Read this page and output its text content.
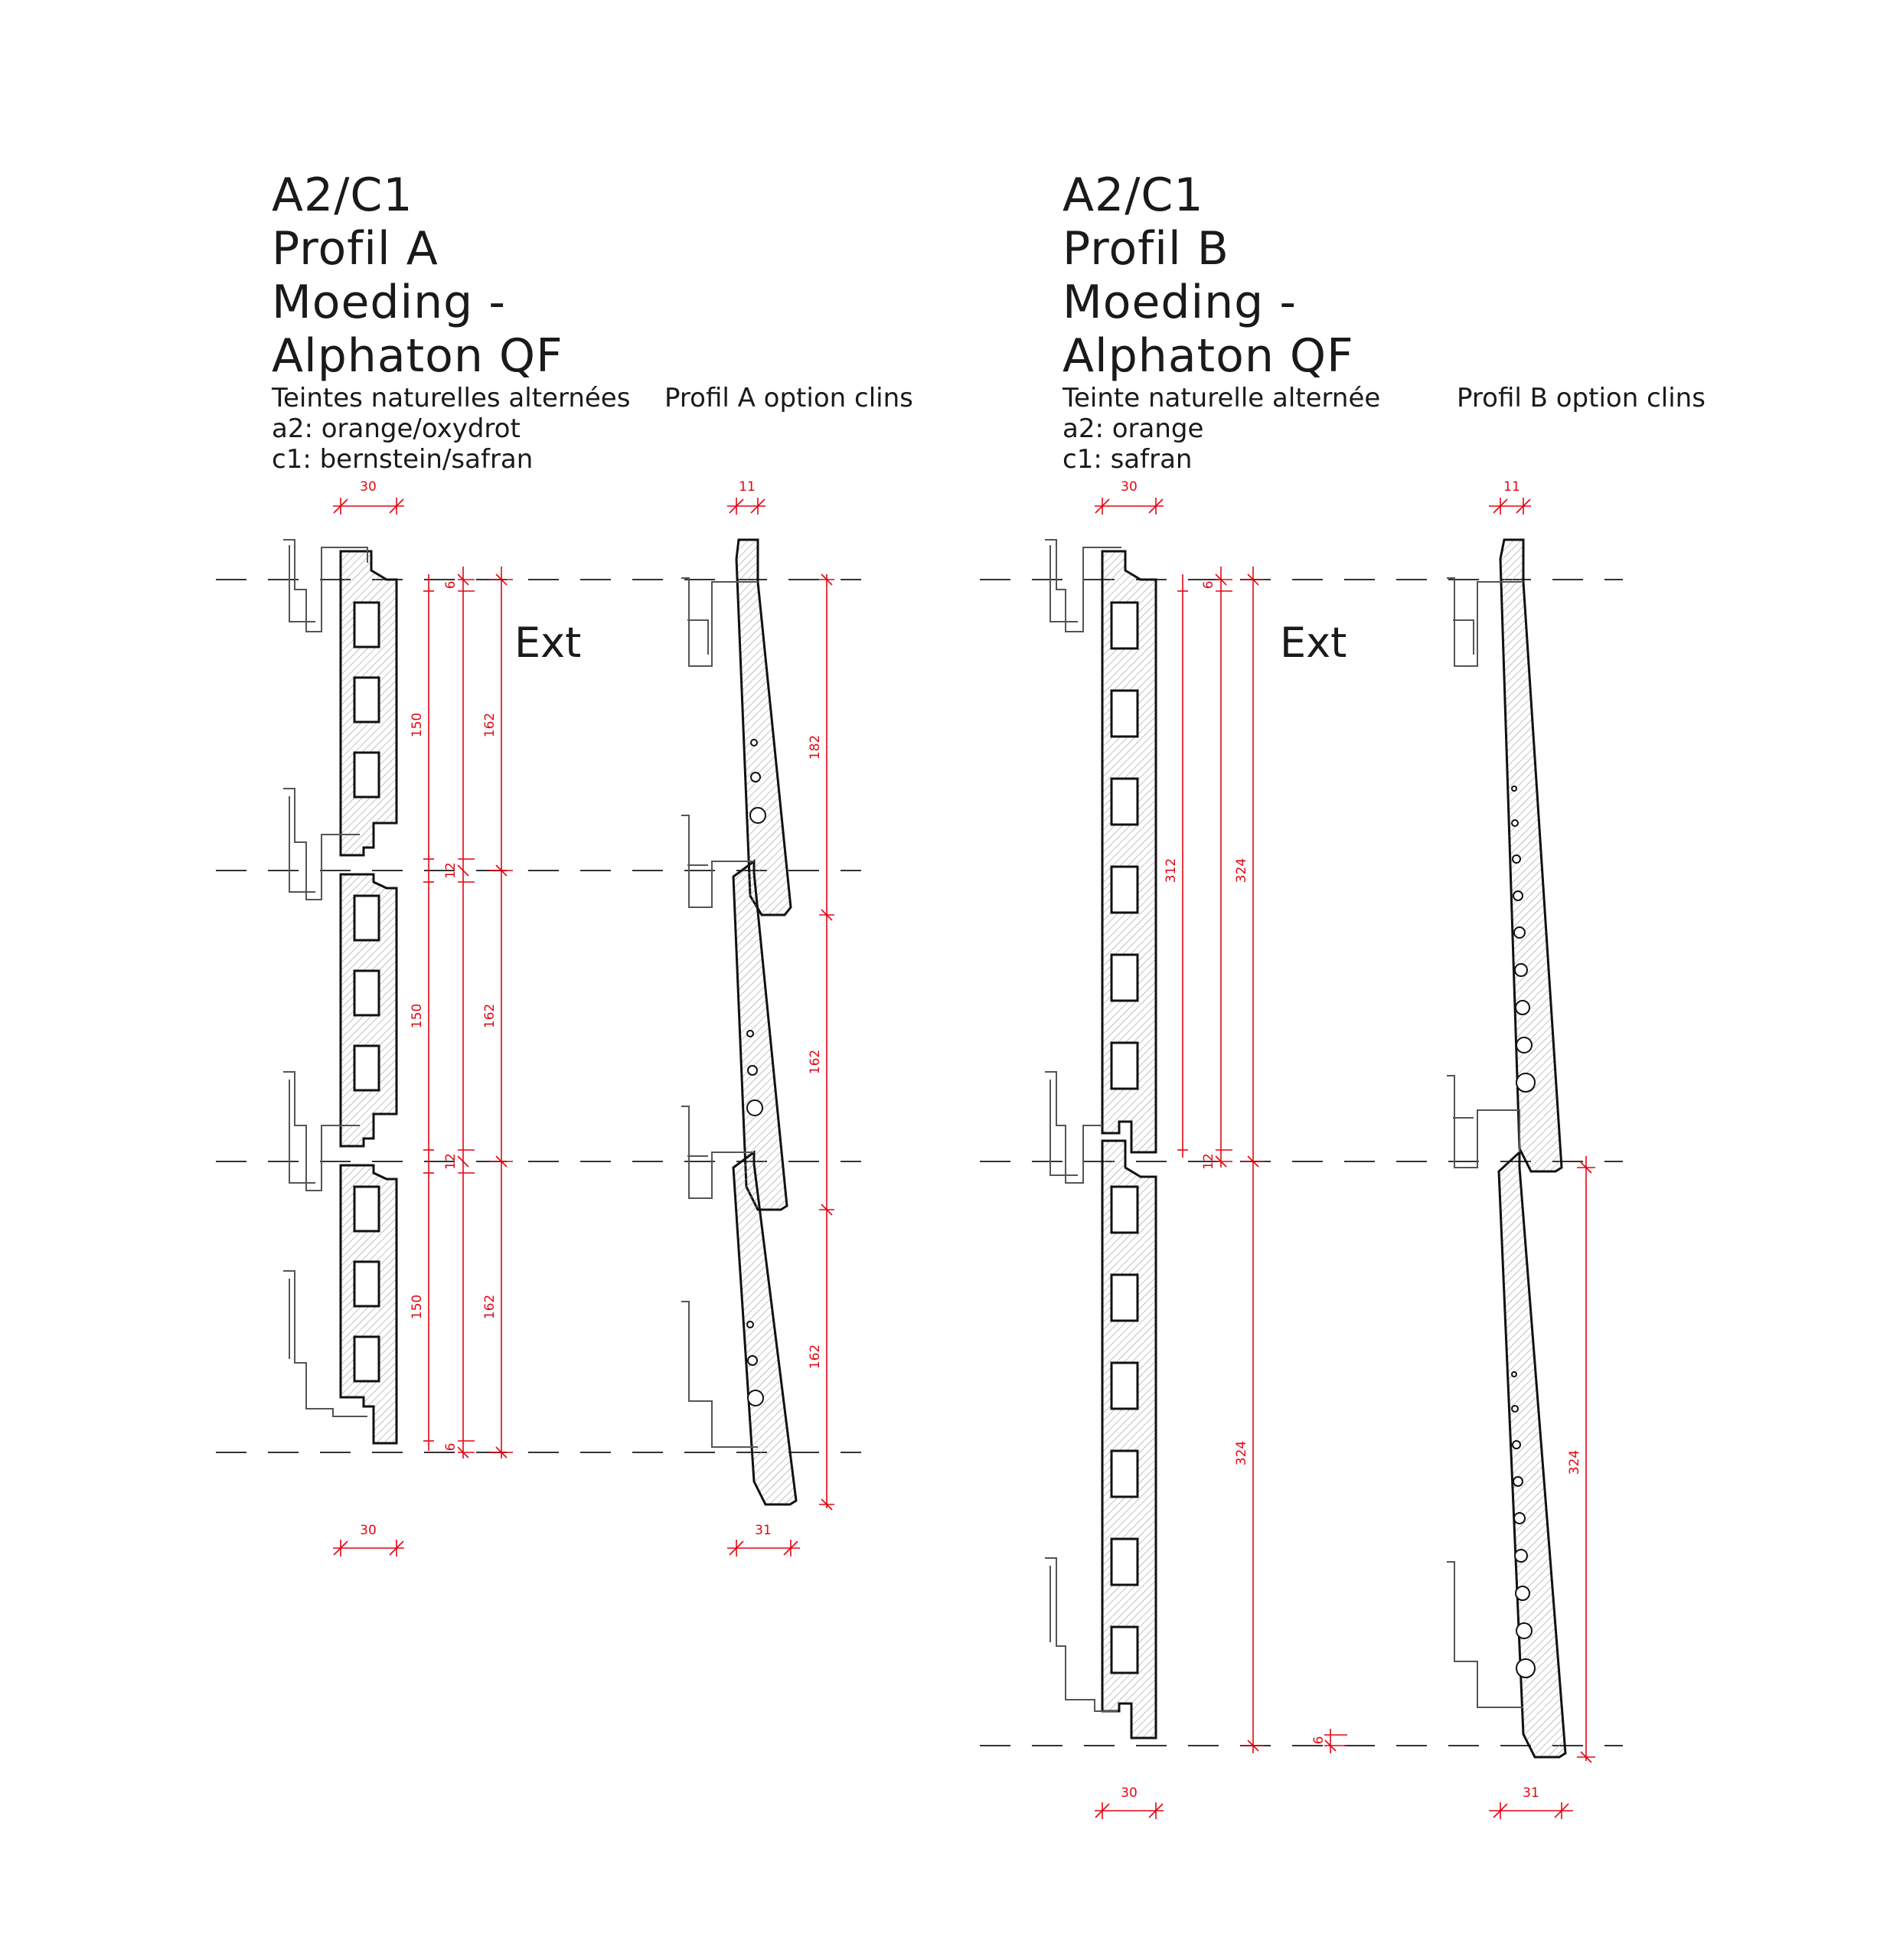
A2/C1
Profil A
Moeding -
Alphaton QF
Teintes naturelles alternées
a2: orange/oxydrot
c1: bernstein/safran
Profil A option clins
A2/C1
Profil B
Moeding -
Alphaton QF
Teinte naturelle alternée
a2: orange
c1: safran
Profil B option clins
30
30
11
31
6
12
12
6
150
150
150
162
162
162
182
162
162
Ext
30
30
11
31
6
12
6
312	324
324	324
Ext
